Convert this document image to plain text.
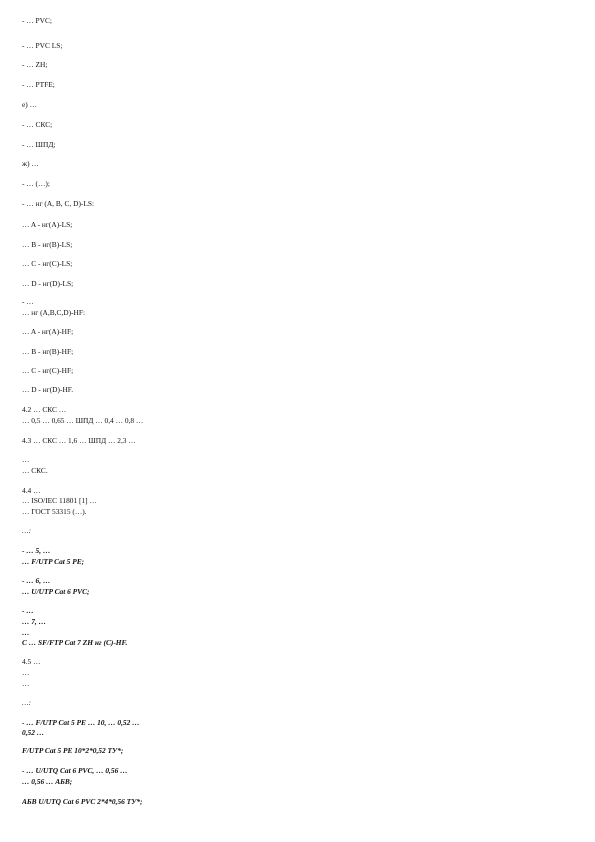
- … PVC;
- … PVC LS;
- … ZH;
- … PTFE;
е) …
- … СКС;
- … ШПД;
ж) …
- … (…);
- … нг (A, B, C, D)-LS:
… A - нг(A)-LS;
… B - нг(B)-LS;
… C - нг(C)-LS;
… D - нг(D)-LS;
- …
… нг (A,B,C,D)-HF:
… A - нг(A)-HF;
… B - нг(B)-HF;
… C - нг(C)-HF;
… D - нг(D)-HF.
4.2 … СКС …
… 0,5 … 0,65 … ШПД … 0,4 … 0,8 …
4.3 … СКС … 1,6 … ШПД … 2,3 …
…
… СКС.
4.4 …
… ISO/IEC 11801 [1] …
… ГОСТ 53315 (…).
…:
- … 5, …
… F/UTP Cat 5 PE;
- … 6, …
… U/UTP Cat 6 PVC;
- …
… 7, …
…
C … SF/FTP Cat 7 ZH нг (C)-HF.
4.5 …
…
…
…:
- … F/UTP Cat 5 PE … 10, … 0,52 …
0,52 …
F/UTP Cat 5 PE 10*2*0,52 ТУ*;
- … U/UTQ Cat 6 PVC, … 0,56 …
… 0,56 … АБВ;
АБВ U/UTQ Cat 6 PVC 2*4*0,56 ТУ*;
